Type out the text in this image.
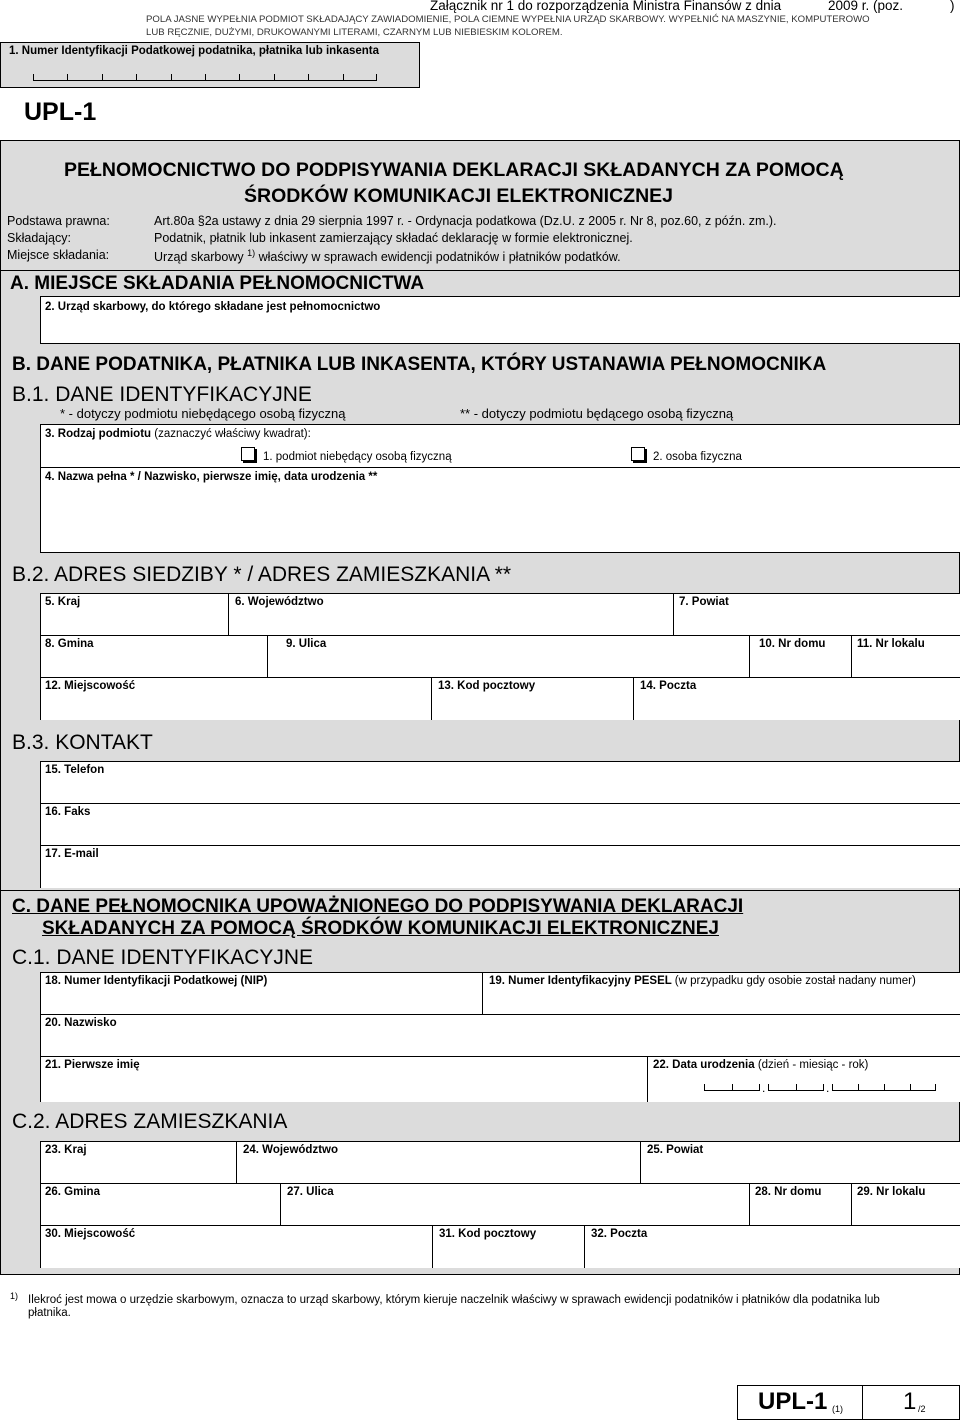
Załącznik nr 1 do rozporządzenia Ministra Finansów z dnia	2009 r. (poz.	)
POLA JASNE WYPEŁNIA PODMIOT SKŁADAJĄCY ZAWIADOMIENIE, POLA CIEMNE WYPEŁNIA URZĄD SKARBOWY. WYPEŁNIĆ NA MASZYNIE, KOMPUTEROWO
LUB RĘCZNIE, DUŻYMI, DRUKOWANYMI LITERAMI, CZARNYM LUB NIEBIESKIM KOLOREM.
1. Numer Identyfikacji Podatkowej podatnika, płatnika lub inkasenta
UPL-1
PEŁNOMOCNICTWO DO PODPISYWANIA DEKLARACJI SKŁADANYCH ZA POMOCĄ
ŚRODKÓW KOMUNIKACJI ELEKTRONICZNEJ
Podstawa prawna:	Art.80a §2a ustawy z dnia 29 sierpnia 1997 r. - Ordynacja podatkowa (Dz.U. z 2005 r. Nr 8, poz.60, z późn. zm.).
Składający:	Podatnik, płatnik lub inkasent zamierzający składać deklarację w formie elektronicznej.
Miejsce składania:	Urząd skarbowy $^{1)}$ właściwy w sprawach ewidencji podatników i płatników podatków.
A. MIEJSCE SKŁADANIA PEŁNOMOCNICTWA
2. Urząd skarbowy, do którego składane jest pełnomocnictwo
B. DANE PODATNIKA, PŁATNIKA LUB INKASENTA, KTÓRY USTANAWIA PEŁNOMOCNIKA
B.1. DANE IDENTYFIKACYJNE
* - dotyczy podmiotu niebędącego osobą fizyczną	** - dotyczy podmiotu będącego osobą fizyczną
3. Rodzaj podmiotu (zaznaczyć właściwy kwadrat):
1. podmiot niebędący osobą fizyczną	2. osoba fizyczna
4. Nazwa pełna * / Nazwisko, pierwsze imię, data urodzenia **
B.2. ADRES SIEDZIBY * / ADRES ZAMIESZKANIA **
5. Kraj	6. Województwo	7. Powiat
8. Gmina	9. Ulica	10. Nr domu	11. Nr lokalu
12. Miejscowość	13. Kod pocztowy	14. Poczta
B.3. KONTAKT
15. Telefon
16. Faks
17. E-mail
C. DANE PEŁNOMOCNIKA UPOWAŻNIONEGO DO PODPISYWANIA DEKLARACJI
SKŁADANYCH ZA POMOCĄ ŚRODKÓW KOMUNIKACJI ELEKTRONICZNEJ
C.1. DANE IDENTYFIKACYJNE
18. Numer Identyfikacji Podatkowej (NIP)	19. Numer Identyfikacyjny PESEL (w przypadku gdy osobie został nadany numer)
20. Nazwisko
21. Pierwsze imię	22. Data urodzenia (dzień - miesiąc - rok)
.	.
C.2. ADRES ZAMIESZKANIA
23. Kraj	24. Województwo	25. Powiat
26. Gmina	27. Ulica	28. Nr domu	29. Nr lokalu
30. Miejscowość	31. Kod pocztowy	32. Poczta
1) Ilekroć jest mowa o urzędzie skarbowym, oznacza to urząd skarbowy, którym kieruje naczelnik właściwy w sprawach ewidencji podatników i płatników dla podatnika lub
płatnika.
UPL-1 (1)	1 /2
